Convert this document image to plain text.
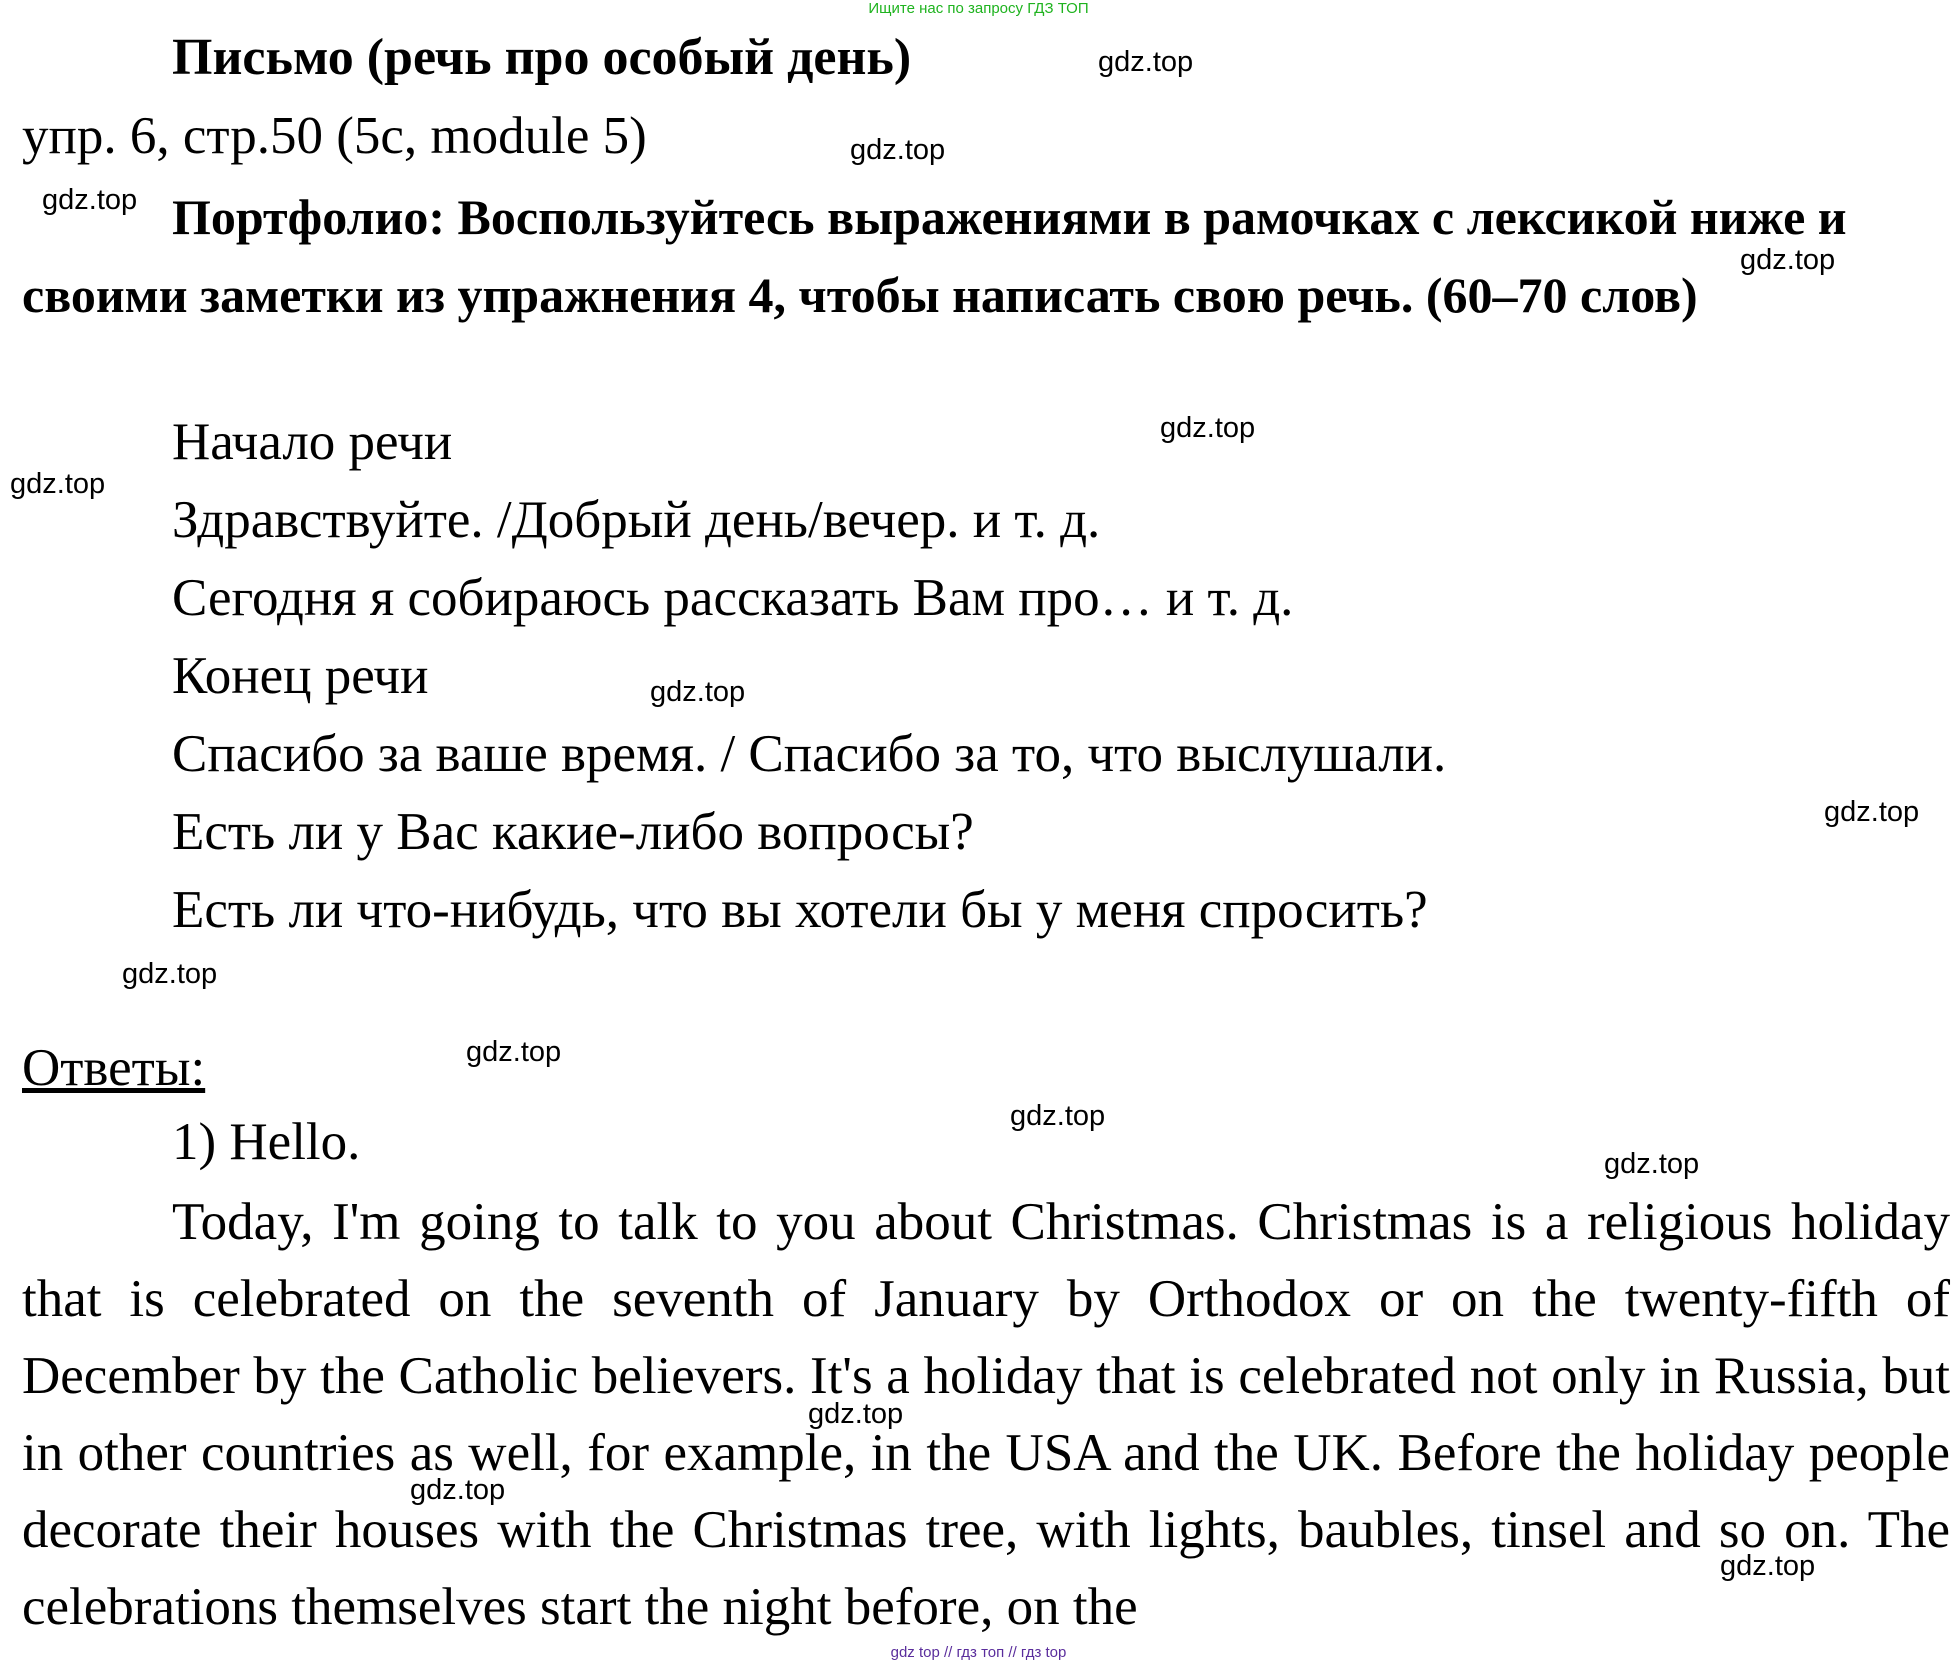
Ищите нас по запросу ГДЗ ТОП
Письмо (речь про особый день)
упр. 6, стр.50 (5с, module 5)
Портфолио: Воспользуйтесь выражениями в рамочках с лексикой ниже и своими заметки из упражнения 4, чтобы написать свою речь. (60–70 слов)
Начало речи
Здравствуйте. /Добрый день/вечер. и т. д.
Сегодня я собираюсь рассказать Вам про… и т. д.
Конец речи
Спасибо за ваше время. / Спасибо за то, что выслушали.
Есть ли у Вас какие-либо вопросы?
Есть ли что-нибудь, что вы хотели бы у меня спросить?
Ответы:
1) Hello.
Today, I'm going to talk to you about Christmas. Christmas is a religious holiday that is celebrated on the seventh of January by Orthodox or on the twenty-fifth of December by the Catholic believers. It's a holiday that is celebrated not only in Russia, but in other countries as well, for example, in the USA and the UK. Before the holiday people decorate their houses with the Christmas tree, with lights, baubles, tinsel and so on. The celebrations themselves start the night before, on the
gdz.top
gdz.top
gdz.top
gdz.top
gdz.top
gdz.top
gdz.top
gdz.top
gdz.top
gdz.top
gdz.top
gdz.top
gdz.top
gdz.top
gdz.top
gdz top // гдз топ // гдз top
